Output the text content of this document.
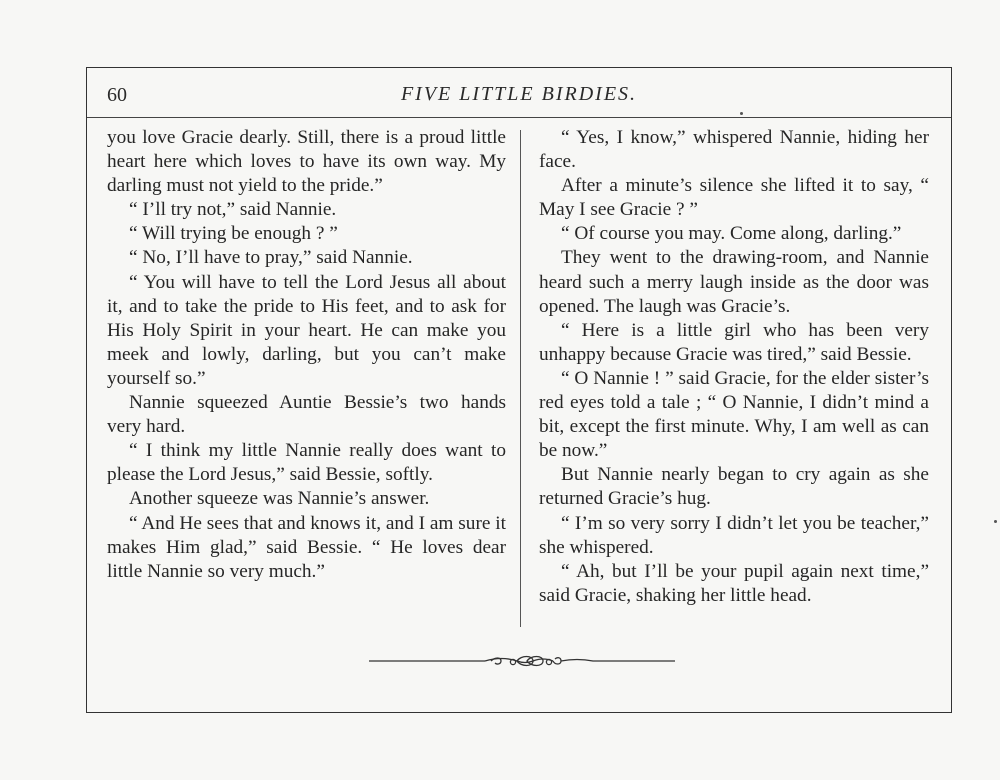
60	FIVE LITTLE BIRDIES.

you love Gracie dearly. Still, there is a proud little heart here which loves to have its own way. My darling must not yield to the pride.”

“ I’ll try not,” said Nannie.

“ Will trying be enough ? ”

“ No, I’ll have to pray,” said Nannie.

“ You will have to tell the Lord Jesus all about it, and to take the pride to His feet, and to ask for His Holy Spirit in your heart. He can make you meek and lowly, darling, but you can’t make yourself so.”

Nannie squeezed Auntie Bessie’s two hands very hard.

“ I think my little Nannie really does want to please the Lord Jesus,” said Bessie, softly.

Another squeeze was Nannie’s answer.

“ And He sees that and knows it, and I am sure it makes Him glad,” said Bessie. “ He loves dear little Nannie so very much.”

“ Yes, I know,” whispered Nannie, hiding her face.

After a minute’s silence she lifted it to say, “ May I see Gracie ? ”

“ Of course you may. Come along, darling.”

They went to the drawing-room, and Nannie heard such a merry laugh inside as the door was opened. The laugh was Gracie’s.

“ Here is a little girl who has been very unhappy because Gracie was tired,” said Bessie.

“ O Nannie ! ” said Gracie, for the elder sister’s red eyes told a tale ; “ O Nannie, I didn’t mind a bit, except the first minute. Why, I am well as can be now.”

But Nannie nearly began to cry again as she returned Gracie’s hug.

“ I’m so very sorry I didn’t let you be teacher,” she whispered.

“ Ah, but I’ll be your pupil again next time,” said Gracie, shaking her little head.
